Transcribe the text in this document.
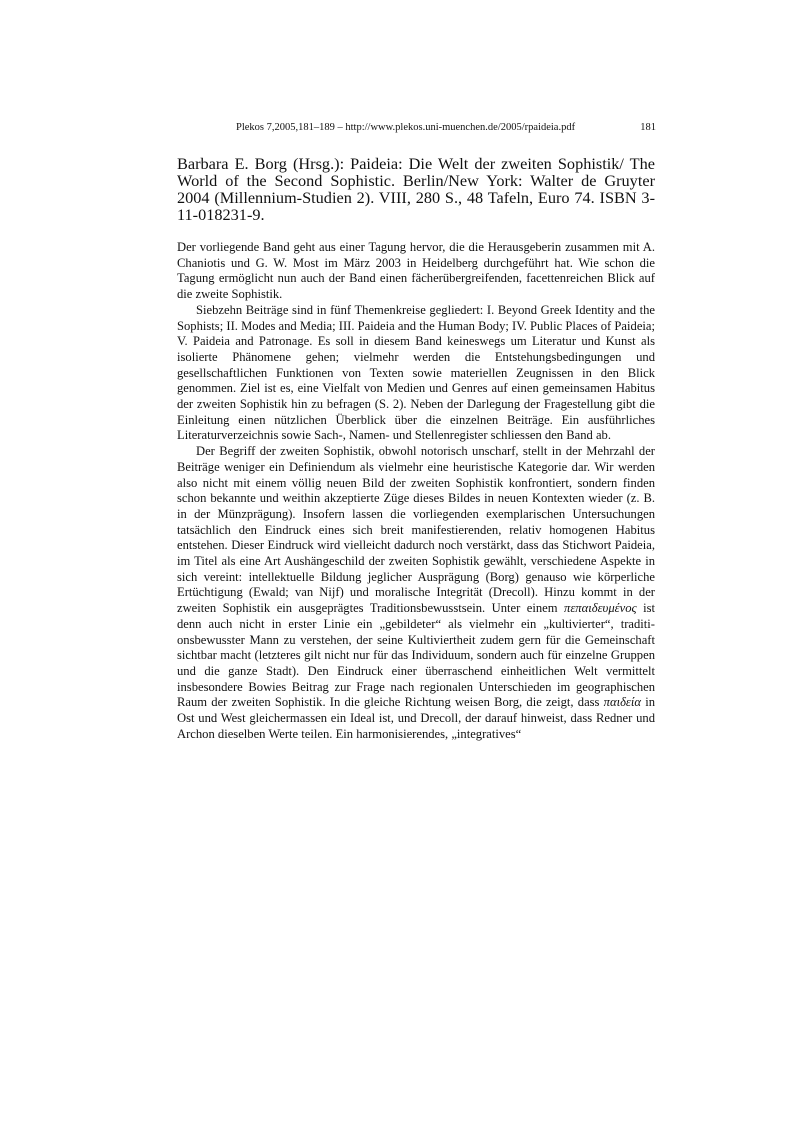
Plekos 7,2005,181–189 – http://www.plekos.uni-muenchen.de/2005/rpaideia.pdf	181
Barbara E. Borg (Hrsg.): Paideia: Die Welt der zweiten Sophistik/ The World of the Second Sophistic. Berlin/New York: Walter de Gruyter 2004 (Millennium-Studien 2). VIII, 280 S., 48 Tafeln, Euro 74. ISBN 3-11-018231-9.

Der vorliegende Band geht aus einer Tagung hervor, die die Herausgeberin zusammen mit A. Chaniotis und G. W. Most im März 2003 in Heidelberg durchgeführt hat. Wie schon die Tagung ermöglicht nun auch der Band einen fächerübergreifenden, facettenreichen Blick auf die zweite Sophistik.

Siebzehn Beiträge sind in fünf Themenkreise gegliedert: I. Beyond Greek Identity and the Sophists; II. Modes and Media; III. Paideia and the Human Body; IV. Public Places of Paideia; V. Paideia and Patronage. Es soll in diesem Band keineswegs um Literatur und Kunst als isolierte Phänomene gehen; vielmehr werden die Entstehungsbedingungen und gesellschaftlichen Funktionen von Texten sowie materiellen Zeugnissen in den Blick genommen. Ziel ist es, eine Vielfalt von Medien und Genres auf einen gemeinsamen Habitus der zweiten Sophistik hin zu befragen (S. 2). Neben der Darlegung der Fragestellung gibt die Einleitung einen nützlichen Überblick über die einzelnen Beiträge. Ein ausführliches Literaturverzeichnis sowie Sach-, Namen- und Stellenregister schliessen den Band ab.

Der Begriff der zweiten Sophistik, obwohl notorisch unscharf, stellt in der Mehrzahl der Beiträge weniger ein Definiendum als vielmehr eine heuristische Kategorie dar. Wir werden also nicht mit einem völlig neuen Bild der zweiten Sophistik konfrontiert, sondern finden schon bekannte und weithin akzeptierte Züge dieses Bildes in neuen Kontexten wieder (z. B. in der Münzprägung). Insofern lassen die vorliegenden exemplarischen Untersuchungen tatsächlich den Eindruck eines sich breit manifestierenden, relativ homogenen Habitus entstehen. Dieser Eindruck wird vielleicht dadurch noch verstärkt, dass das Stichwort Paideia, im Titel als eine Art Aushängeschild der zweiten Sophistik gewählt, verschiedene Aspekte in sich vereint: intellektuelle Bildung jeglicher Ausprägung (Borg) genauso wie körperliche Ertüchtigung (Ewald; van Nijf) und moralische Integrität (Drecoll). Hinzu kommt in der zweiten Sophistik ein ausgeprägtes Traditionsbewusstsein. Unter einem πεπαιδευμένος ist denn auch nicht in erster Linie ein „gebildeter“ als vielmehr ein „kultivierter“, traditionsbewusster Mann zu verstehen, der seine Kultiviertheit zudem gern für die Gemeinschaft sichtbar macht (letzteres gilt nicht nur für das Individuum, sondern auch für einzelne Gruppen und die ganze Stadt). Den Eindruck einer überraschend einheitlichen Welt vermittelt insbesondere Bowies Beitrag zur Frage nach regionalen Unterschieden im geographischen Raum der zweiten Sophistik. In die gleiche Richtung weisen Borg, die zeigt, dass παιδεία in Ost und West gleichermassen ein Ideal ist, und Drecoll, der darauf hinweist, dass Redner und Archon dieselben Werte teilen. Ein harmonisierendes, „integratives“
